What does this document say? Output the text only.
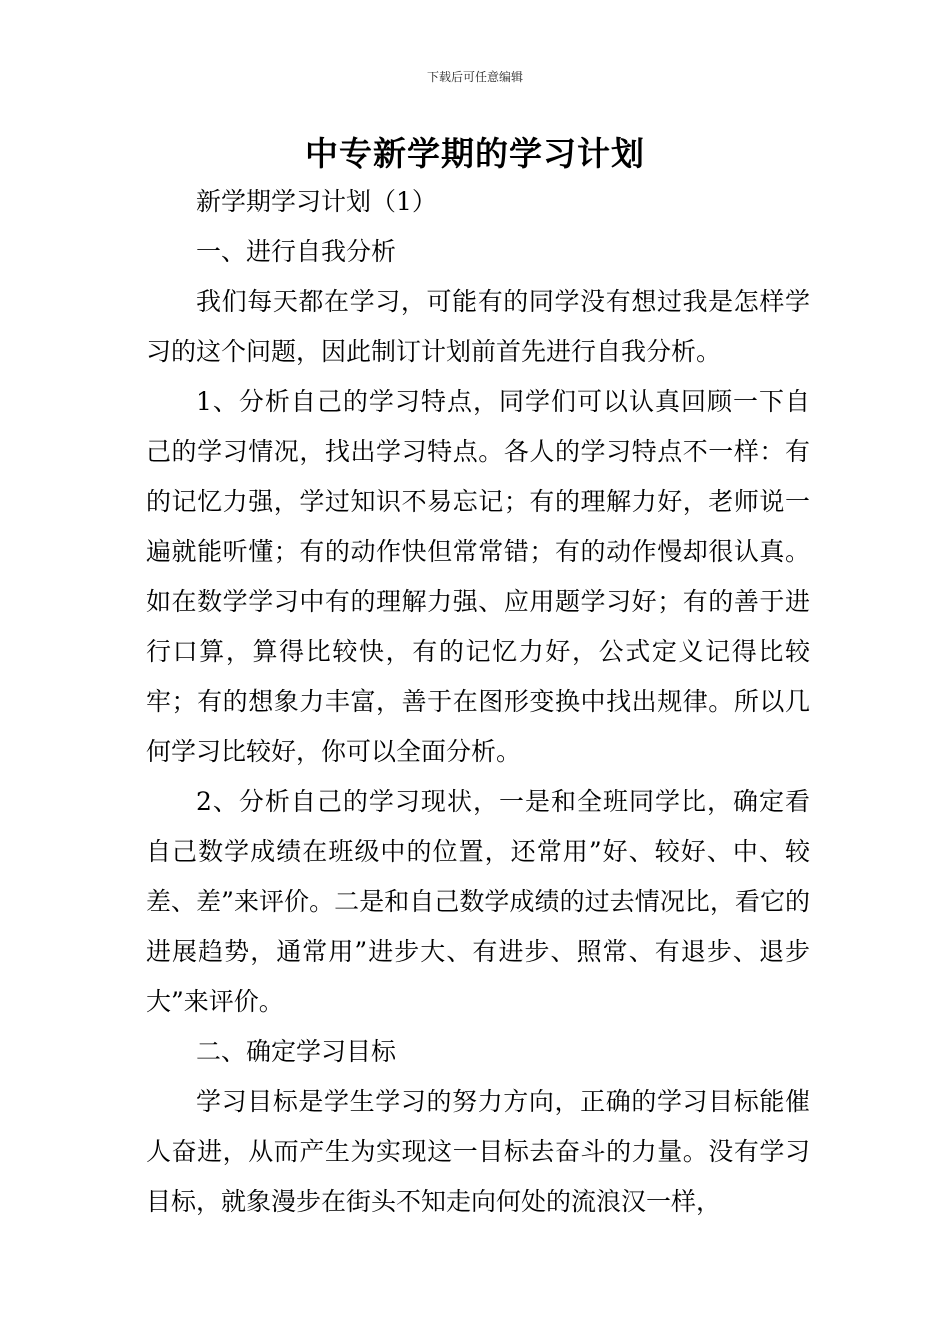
下载后可任意编辑
中专新学期的学习计划

新学期学习计划（1）

一、进行自我分析

我们每天都在学习，可能有的同学没有想过我是怎样学习的这个问题，因此制订计划前首先进行自我分析。

1、分析自己的学习特点，同学们可以认真回顾一下自己的学习情况，找出学习特点。各人的学习特点不一样：有的记忆力强，学过知识不易忘记；有的理解力好，老师说一遍就能听懂；有的动作快但常常错；有的动作慢却很认真。如在数学学习中有的理解力强、应用题学习好；有的善于进行口算，算得比较快，有的记忆力好，公式定义记得比较牢；有的想象力丰富，善于在图形变换中找出规律。所以几何学习比较好，你可以全面分析。

2、分析自己的学习现状，一是和全班同学比，确定看自己数学成绩在班级中的位置，还常用”好、较好、中、较差、差”来评价。二是和自己数学成绩的过去情况比，看它的进展趋势，通常用”进步大、有进步、照常、有退步、退步大”来评价。

二、确定学习目标

学习目标是学生学习的努力方向，正确的学习目标能催人奋进，从而产生为实现这一目标去奋斗的力量。没有学习目标，就象漫步在街头不知走向何处的流浪汉一样，
